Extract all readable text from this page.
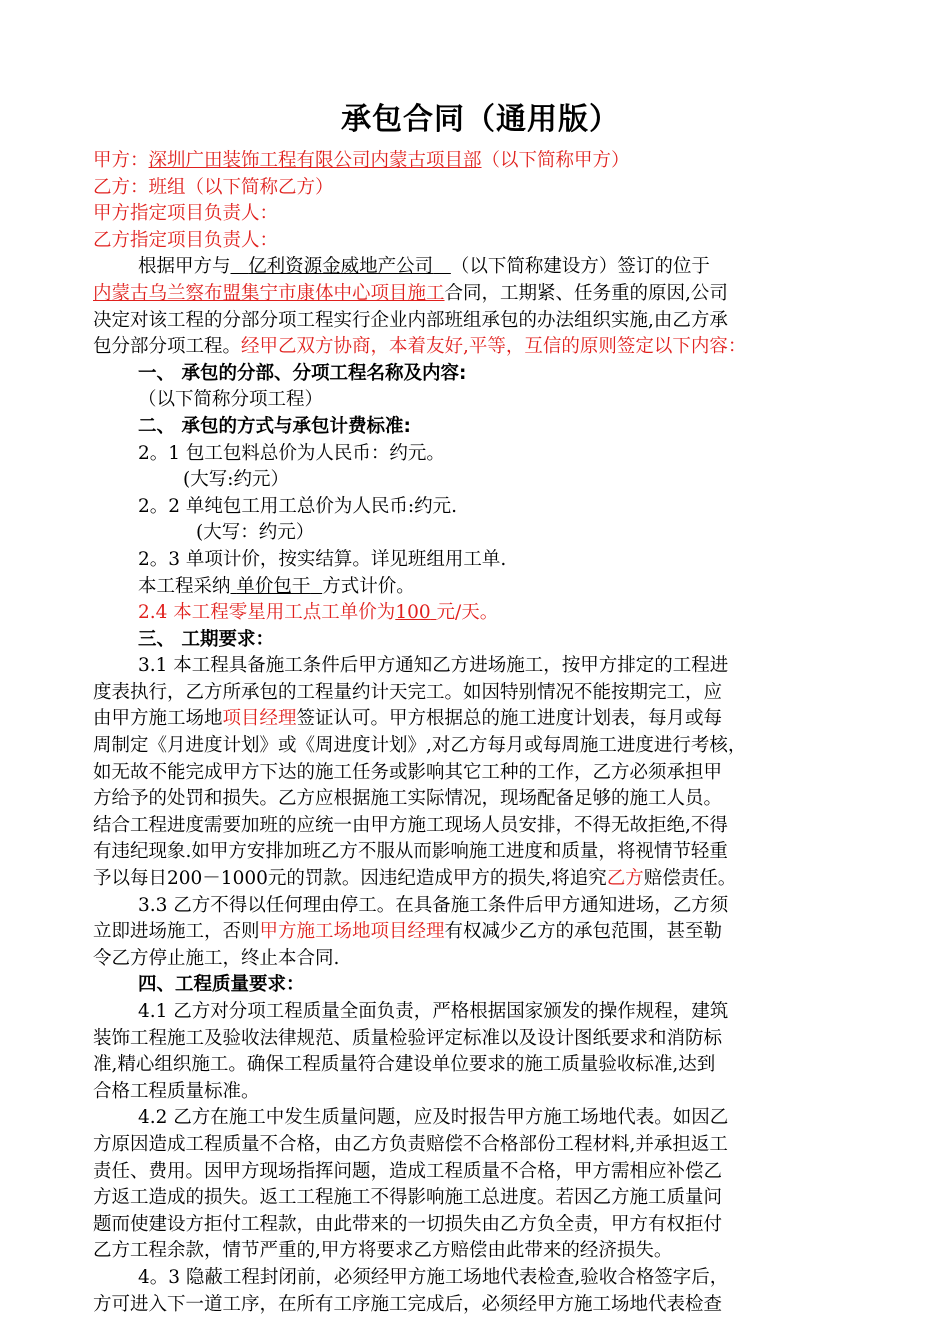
承包合同（通用版）
甲方：深圳广田装饰工程有限公司内蒙古项目部（以下简称甲方）
乙方：班组（以下简称乙方）
甲方指定项目负责人：
乙方指定项目负责人：
根据甲方与 亿利资源金威地产公司 （以下简称建设方）签订的位于
内蒙古乌兰察布盟集宁市康体中心项目施工合同，工期紧、任务重的原因,公司
决定对该工程的分部分项工程实行企业内部班组承包的办法组织实施,由乙方承
包分部分项工程。经甲乙双方协商，本着友好,平等，互信的原则签定以下内容：
一、 承包的分部、分项工程名称及内容:
（以下简称分项工程）
二、 承包的方式与承包计费标准:
2。1 包工包料总价为人民币：约元。
(大写:约元）
2。2 单纯包工用工总价为人民币:约元.
(大写：约元）
2。3 单项计价，按实结算。详见班组用工单.
本工程采纳 单价包干 方式计价。
2.4 本工程零星用工点工单价为100 元/天。
三、 工期要求：
3.1 本工程具备施工条件后甲方通知乙方进场施工，按甲方排定的工程进
度表执行，乙方所承包的工程量约计天完工。如因特别情况不能按期完工，应
由甲方施工场地项目经理签证认可。甲方根据总的施工进度计划表，每月或每
周制定《月进度计划》或《周进度计划》,对乙方每月或每周施工进度进行考核，
如无故不能完成甲方下达的施工任务或影响其它工种的工作，乙方必须承担甲
方给予的处罚和损失。乙方应根据施工实际情况，现场配备足够的施工人员。
结合工程进度需要加班的应统一由甲方施工现场人员安排，不得无故拒绝,不得
有违纪现象.如甲方安排加班乙方不服从而影响施工进度和质量，将视情节轻重
予以每日200－1000元的罚款。因违纪造成甲方的损失,将追究乙方赔偿责任。
3.3 乙方不得以任何理由停工。在具备施工条件后甲方通知进场，乙方须
立即进场施工，否则甲方施工场地项目经理有权减少乙方的承包范围，甚至勒
令乙方停止施工，终止本合同.
四、工程质量要求：
4.1 乙方对分项工程质量全面负责，严格根据国家颁发的操作规程，建筑
装饰工程施工及验收法律规范、质量检验评定标准以及设计图纸要求和消防标
准,精心组织施工。确保工程质量符合建设单位要求的施工质量验收标准,达到
合格工程质量标准。
4.2 乙方在施工中发生质量问题，应及时报告甲方施工场地代表。如因乙
方原因造成工程质量不合格，由乙方负责赔偿不合格部份工程材料,并承担返工
责任、费用。因甲方现场指挥问题，造成工程质量不合格，甲方需相应补偿乙
方返工造成的损失。返工工程施工不得影响施工总进度。若因乙方施工质量问
题而使建设方拒付工程款，由此带来的一切损失由乙方负全责，甲方有权拒付
乙方工程余款，情节严重的,甲方将要求乙方赔偿由此带来的经济损失。
4。3 隐蔽工程封闭前，必须经甲方施工场地代表检查,验收合格签字后，
方可进入下一道工序，在所有工序施工完成后，必须经甲方施工场地代表检查
